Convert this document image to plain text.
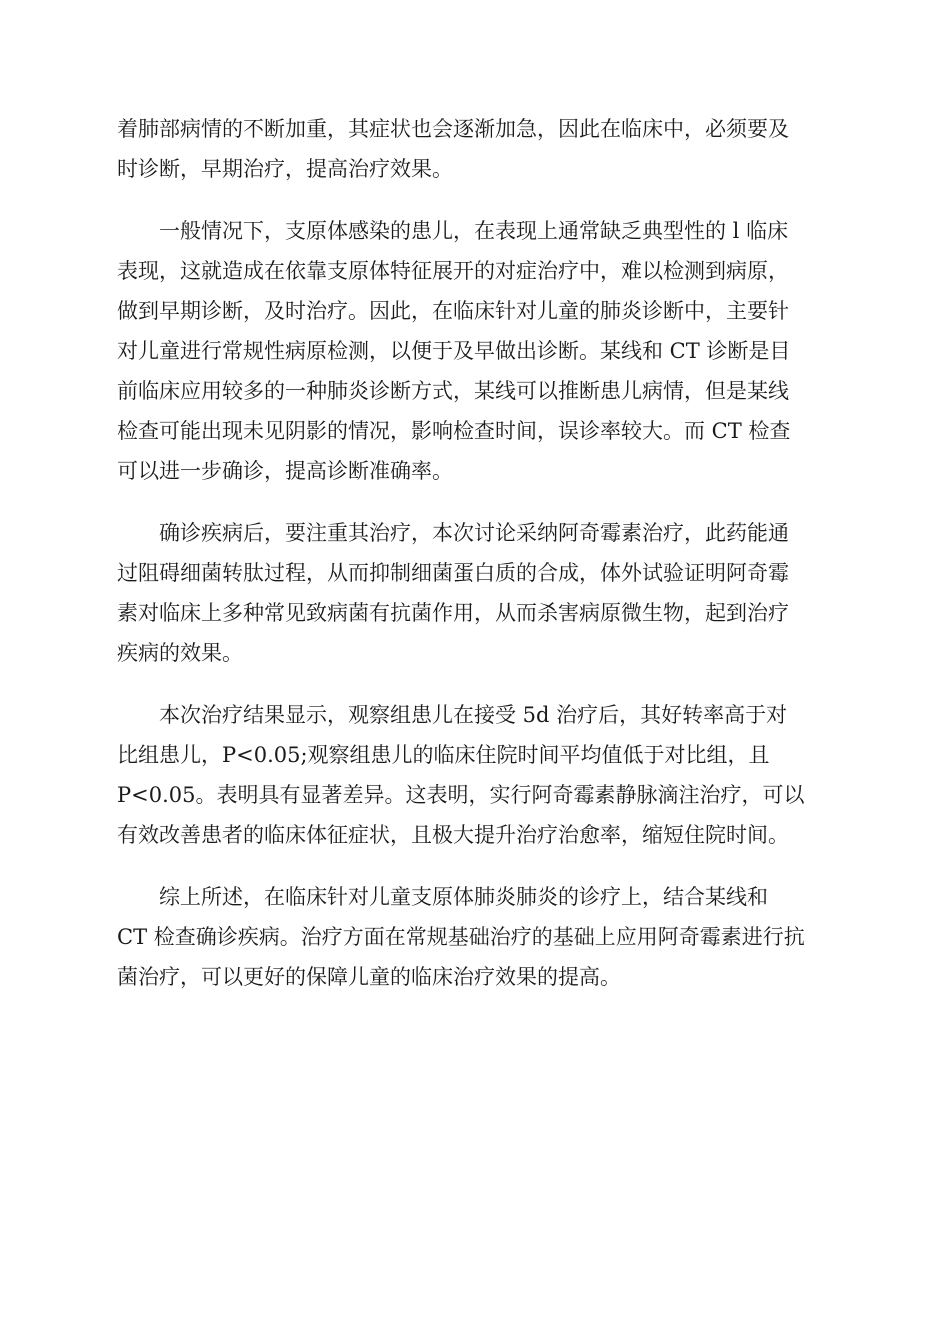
着肺部病情的不断加重，其症状也会逐渐加急，因此在临床中，必须要及
时诊断，早期治疗，提高治疗效果。

一般情况下，支原体感染的患儿，在表现上通常缺乏典型性的 l 临床
表现，这就造成在依靠支原体特征展开的对症治疗中，难以检测到病原，
做到早期诊断，及时治疗。因此，在临床针对儿童的肺炎诊断中，主要针
对儿童进行常规性病原检测，以便于及早做出诊断。某线和 CT 诊断是目
前临床应用较多的一种肺炎诊断方式，某线可以推断患儿病情，但是某线
检查可能出现未见阴影的情况，影响检查时间，误诊率较大。而 CT 检查
可以进一步确诊，提高诊断准确率。

确诊疾病后，要注重其治疗，本次讨论采纳阿奇霉素治疗，此药能通
过阻碍细菌转肽过程，从而抑制细菌蛋白质的合成，体外试验证明阿奇霉
素对临床上多种常见致病菌有抗菌作用，从而杀害病原微生物，起到治疗
疾病的效果。

本次治疗结果显示，观察组患儿在接受 5d 治疗后，其好转率高于对
比组患儿，P<0.05;观察组患儿的临床住院时间平均值低于对比组，且
P<0.05。表明具有显著差异。这表明，实行阿奇霉素静脉滴注治疗，可以
有效改善患者的临床体征症状，且极大提升治疗治愈率，缩短住院时间。

综上所述，在临床针对儿童支原体肺炎肺炎的诊疗上，结合某线和
CT 检查确诊疾病。治疗方面在常规基础治疗的基础上应用阿奇霉素进行抗
菌治疗，可以更好的保障儿童的临床治疗效果的提高。
